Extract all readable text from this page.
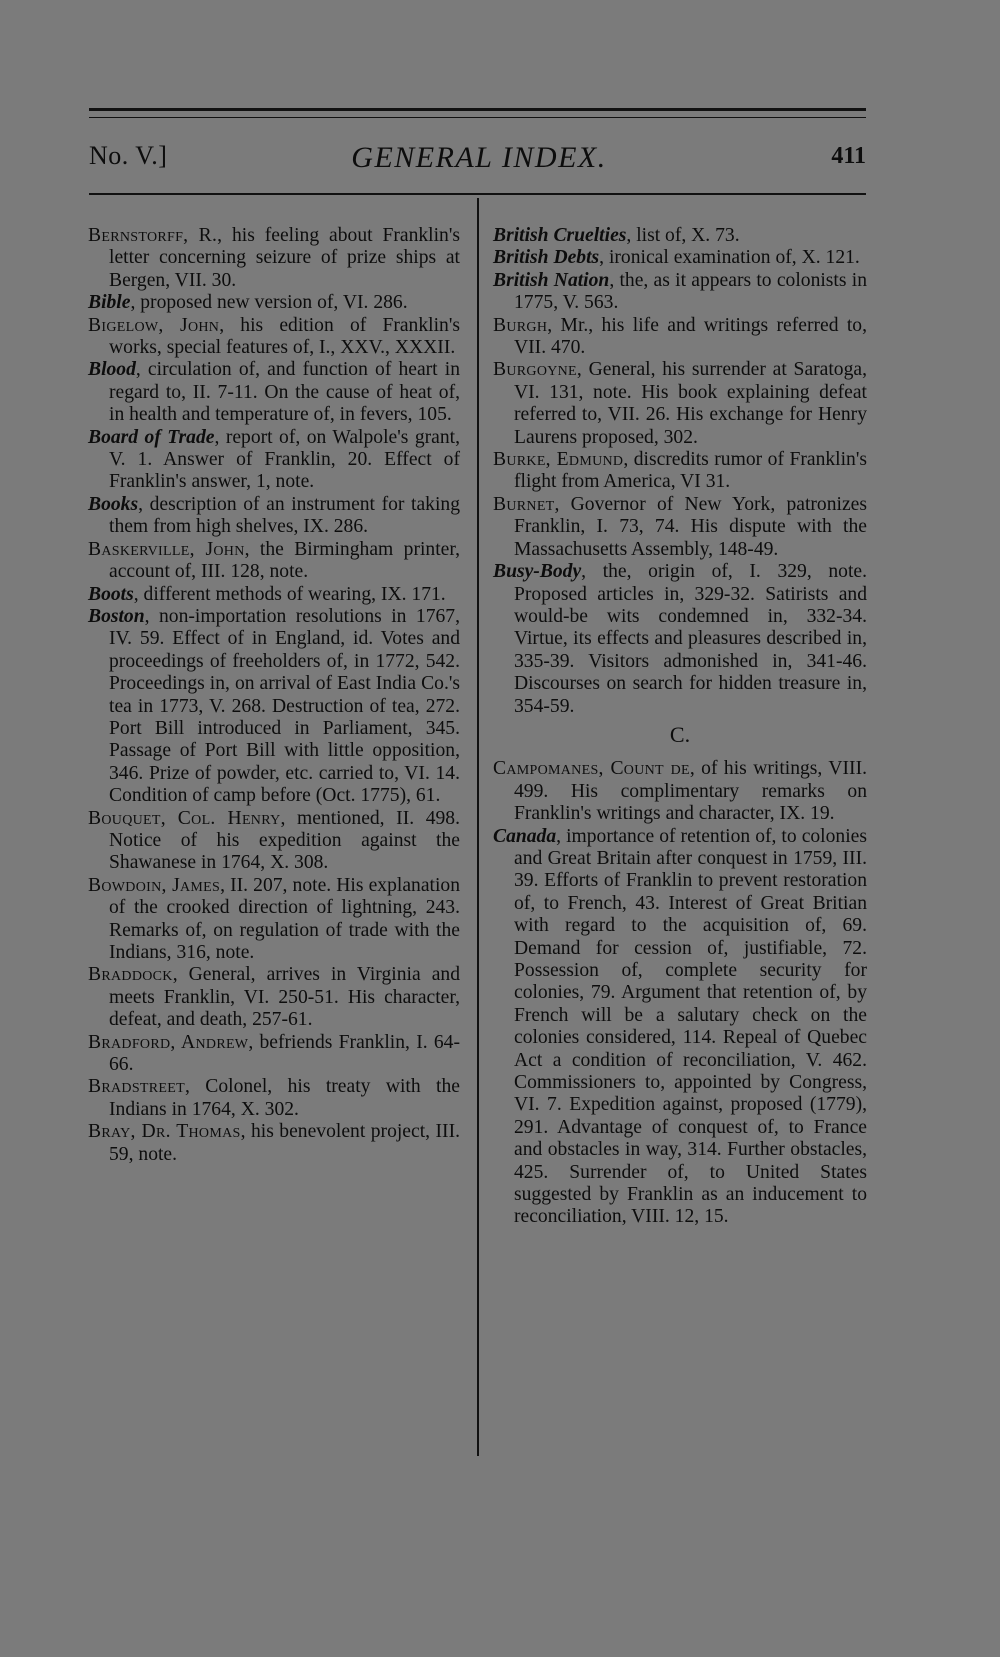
No. V.]	GENERAL INDEX.	411
Bernstorff, R., his feeling about Franklin's letter concerning seizure of prize ships at Bergen, VII. 30.
Bible, proposed new version of, VI. 286.
Bigelow, John, his edition of Franklin's works, special features of, I., XXV., XXXII.
Blood, circulation of, and function of heart in regard to, II. 7-11. On the cause of heat of, in health and temperature of, in fevers, 105.
Board of Trade, report of, on Walpole's grant, V. 1. Answer of Franklin, 20. Effect of Franklin's answer, 1, note.
Books, description of an instrument for taking them from high shelves, IX. 286.
Baskerville, John, the Birmingham printer, account of, III. 128, note.
Boots, different methods of wearing, IX. 171.
Boston, non-importation resolutions in 1767, IV. 59. Effect of in England, id. Votes and proceedings of freeholders of, in 1772, 542. Proceedings in, on arrival of East India Co.'s tea in 1773, V. 268. Destruction of tea, 272. Port Bill introduced in Parliament, 345. Passage of Port Bill with little opposition, 346. Prize of powder, etc. carried to, VI. 14. Condition of camp before (Oct. 1775), 61.
Bouquet, Col. Henry, mentioned, II. 498. Notice of his expedition against the Shawanese in 1764, X. 308.
Bowdoin, James, II. 207, note. His explanation of the crooked direction of lightning, 243. Remarks of, on regulation of trade with the Indians, 316, note.
Braddock, General, arrives in Virginia and meets Franklin, VI. 250-51. His character, defeat, and death, 257-61.
Bradford, Andrew, befriends Franklin, I. 64-66.
Bradstreet, Colonel, his treaty with the Indians in 1764, X. 302.
Bray, Dr. Thomas, his benevolent project, III. 59, note.
British Cruelties, list of, X. 73.
British Debts, ironical examination of, X. 121.
British Nation, the, as it appears to colonists in 1775, V. 563.
Burgh, Mr., his life and writings referred to, VII. 470.
Burgoyne, General, his surrender at Saratoga, VI. 131, note. His book explaining defeat referred to, VII. 26. His exchange for Henry Laurens proposed, 302.
Burke, Edmund, discredits rumor of Franklin's flight from America, VI 31.
Burnet, Governor of New York, patronizes Franklin, I. 73, 74. His dispute with the Massachusetts Assembly, 148-49.
Busy-Body, the, origin of, I. 329, note. Proposed articles in, 329-32. Satirists and would-be wits condemned in, 332-34. Virtue, its effects and pleasures described in, 335-39. Visitors admonished in, 341-46. Discourses on search for hidden treasure in, 354-59.
C.
Campomanes, Count de, of his writings, VIII. 499. His complimentary remarks on Franklin's writings and character, IX. 19.
Canada, importance of retention of, to colonies and Great Britain after conquest in 1759, III. 39. Efforts of Franklin to prevent restoration of, to French, 43. Interest of Great Britian with regard to the acquisition of, 69. Demand for cession of, justifiable, 72. Possession of, complete security for colonies, 79. Argument that retention of, by French will be a salutary check on the colonies considered, 114. Repeal of Quebec Act a condition of reconciliation, V. 462. Commissioners to, appointed by Congress, VI. 7. Expedition against, proposed (1779), 291. Advantage of conquest of, to France and obstacles in way, 314. Further obstacles, 425. Surrender of, to United States suggested by Franklin as an inducement to reconciliation, VIII. 12, 15.
